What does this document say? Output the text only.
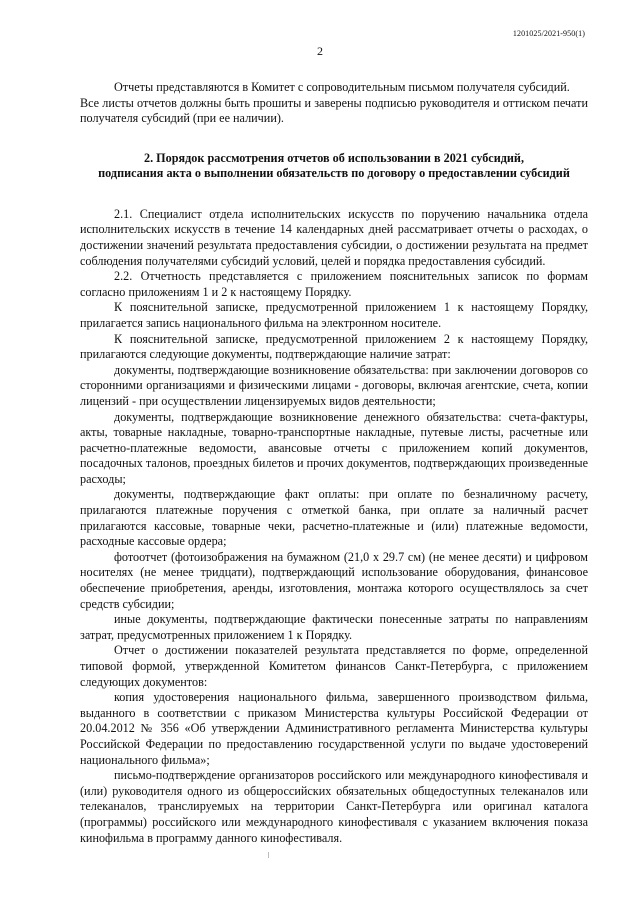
1201025/2021-950(1)
2

Отчеты представляются в Комитет с сопроводительным письмом получателя субсидий.

Все листы отчетов должны быть прошиты и заверены подписью руководителя и оттиском печати получателя субсидий (при ее наличии).

2. Порядок рассмотрения отчетов об использовании в 2021 субсидий,
подписания акта о выполнении обязательств по договору о предоставлении субсидий

2.1. Специалист отдела исполнительских искусств по поручению начальника отдела исполнительских искусств в течение 14 календарных дней рассматривает отчеты о расходах, о достижении значений результата предоставления субсидии, о достижении результата на предмет соблюдения получателями субсидий условий, целей и порядка предоставления субсидий.

2.2. Отчетность представляется с приложением пояснительных записок по формам согласно приложениям 1 и 2 к настоящему Порядку.

К пояснительной записке, предусмотренной приложением 1 к настоящему Порядку, прилагается запись национального фильма на электронном носителе.

К пояснительной записке, предусмотренной приложением 2 к настоящему Порядку, прилагаются следующие документы, подтверждающие наличие затрат:

документы, подтверждающие возникновение обязательства: при заключении договоров со сторонними организациями и физическими лицами - договоры, включая агентские, счета, копии лицензий - при осуществлении лицензируемых видов деятельности;

документы, подтверждающие возникновение денежного обязательства: счета-фактуры, акты, товарные накладные, товарно-транспортные накладные, путевые листы, расчетные или расчетно-платежные ведомости, авансовые отчеты с приложением копий документов, посадочных талонов, проездных билетов и прочих документов, подтверждающих произведенные расходы;

документы, подтверждающие факт оплаты: при оплате по безналичному расчету, прилагаются платежные поручения с отметкой банка, при оплате за наличный расчет прилагаются кассовые, товарные чеки, расчетно-платежные и (или) платежные ведомости, расходные кассовые ордера;

фотоотчет (фотоизображения на бумажном (21,0 x 29.7 см) (не менее десяти) и цифровом носителях (не менее тридцати), подтверждающий использование оборудования, финансовое обеспечение приобретения, аренды, изготовления, монтажа которого осуществлялось за счет средств субсидии;

иные документы, подтверждающие фактически понесенные затраты по направлениям затрат, предусмотренных приложением 1 к Порядку.

Отчет о достижении показателей результата представляется по форме, определенной типовой формой, утвержденной Комитетом финансов Санкт-Петербурга, с приложением следующих документов:

копия удостоверения национального фильма, завершенного производством фильма, выданного в соответствии с приказом Министерства культуры Российской Федерации от 20.04.2012 № 356 «Об утверждении Административного регламента Министерства культуры Российской Федерации по предоставлению государственной услуги по выдаче удостоверений национального фильма»;

письмо-подтверждение организаторов российского или международного кинофестиваля и (или) руководителя одного из общероссийских обязательных общедоступных телеканалов или телеканалов, транслируемых на территории Санкт-Петербурга или оригинал каталога (программы) российского или международного кинофестиваля с указанием включения показа кинофильма в программу данного кинофестиваля.
